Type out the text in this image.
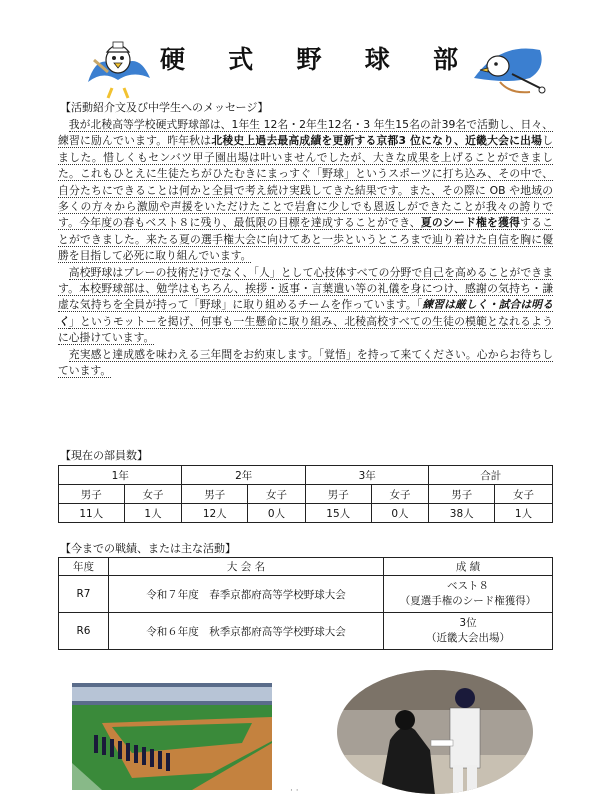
硬 式 野 球 部
【活動紹介文及び中学生へのメッセージ】

我が北稜高等学校硬式野球部は、1年生 12名・2年生12名・3 年生15名の計39名で活動し、日々、練習に励んでいます。昨年秋は北稜史上過去最高成績を更新する京都3 位になり、近畿大会に出場しました。惜しくもセンバツ甲子園出場は叶いませんでしたが、大きな成果を上げることができました。これもひとえに生徒たちがひたむきにまっすぐ「野球」というスポーツに打ち込み、その中で、自分たちにできることは何かと全員で考え続け実践してきた結果です。また、その際に OB や地域の多くの方々から激励や声援をいただけたことで岩倉に少しでも恩返しができたことが我々の誇りです。今年度の春もベスト８に残り、最低限の目標を達成することができ、夏のシード権を獲得することができました。来たる夏の選手権大会に向けてあと一歩というところまで辿り着けた自信を胸に優勝を目指して必死に取り組んでいます。

高校野球はプレーの技術だけでなく、「人」として心技体すべての分野で自己を高めることができます。本校野球部は、勉学はもちろん、挨拶・返事・言葉遣い等の礼儀を身につけ、感謝の気持ち・謙虚な気持ちを全員が持って「野球」に取り組めるチームを作っています。「練習は厳しく・試合は明るく」というモットーを掲げ、何事も一生懸命に取り組み、北稜高校すべての生徒の模範となれるように心掛けています。

充実感と達成感を味わえる三年間をお約束します。「覚悟」を持って来てください。心からお待ちしています。

【現在の部員数】
1年		2年		3年		合計	
男子	女子	男子	女子	男子	女子	男子	女子
11人	1人	12人	0人	15人	0人	38人	1人
【今までの戦績、または主な活動】
年度	大 会 名	成 績
R7	令和７年度　春季京都府高等学校野球大会	ベスト８
（夏選手権のシード権獲得）

R6	令和６年度　秋季京都府高等学校野球大会	3位
（近畿大会出場）
· ·
